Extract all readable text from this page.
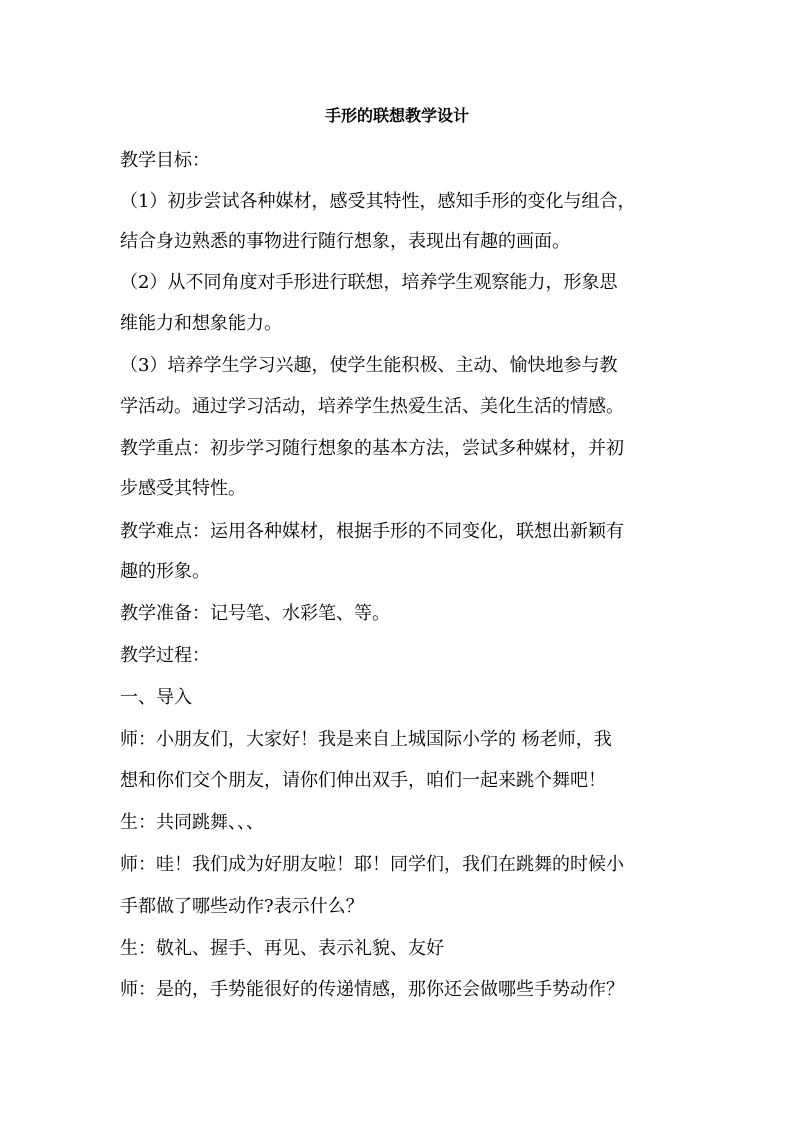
手形的联想教学设计
教学目标：
（1）初步尝试各种媒材，感受其特性，感知手形的变化与组合，
结合身边熟悉的事物进行随行想象，表现出有趣的画面。
（2）从不同角度对手形进行联想，培养学生观察能力，形象思
维能力和想象能力。
（3）培养学生学习兴趣，使学生能积极、主动、愉快地参与教
学活动。通过学习活动，培养学生热爱生活、美化生活的情感。
教学重点：初步学习随行想象的基本方法，尝试多种媒材，并初
步感受其特性。
教学难点：运用各种媒材，根据手形的不同变化，联想出新颖有
趣的形象。
教学准备：记号笔、水彩笔、等。
教学过程：
一、导入
师：小朋友们，大家好！我是来自上城国际小学的 杨老师，我
想和你们交个朋友，请你们伸出双手，咱们一起来跳个舞吧！
生：共同跳舞、、、
师：哇！我们成为好朋友啦！耶！同学们，我们在跳舞的时候小
手都做了哪些动作?表示什么？
生：敬礼、握手、再见、表示礼貌、友好
师：是的，手势能很好的传递情感，那你还会做哪些手势动作？
